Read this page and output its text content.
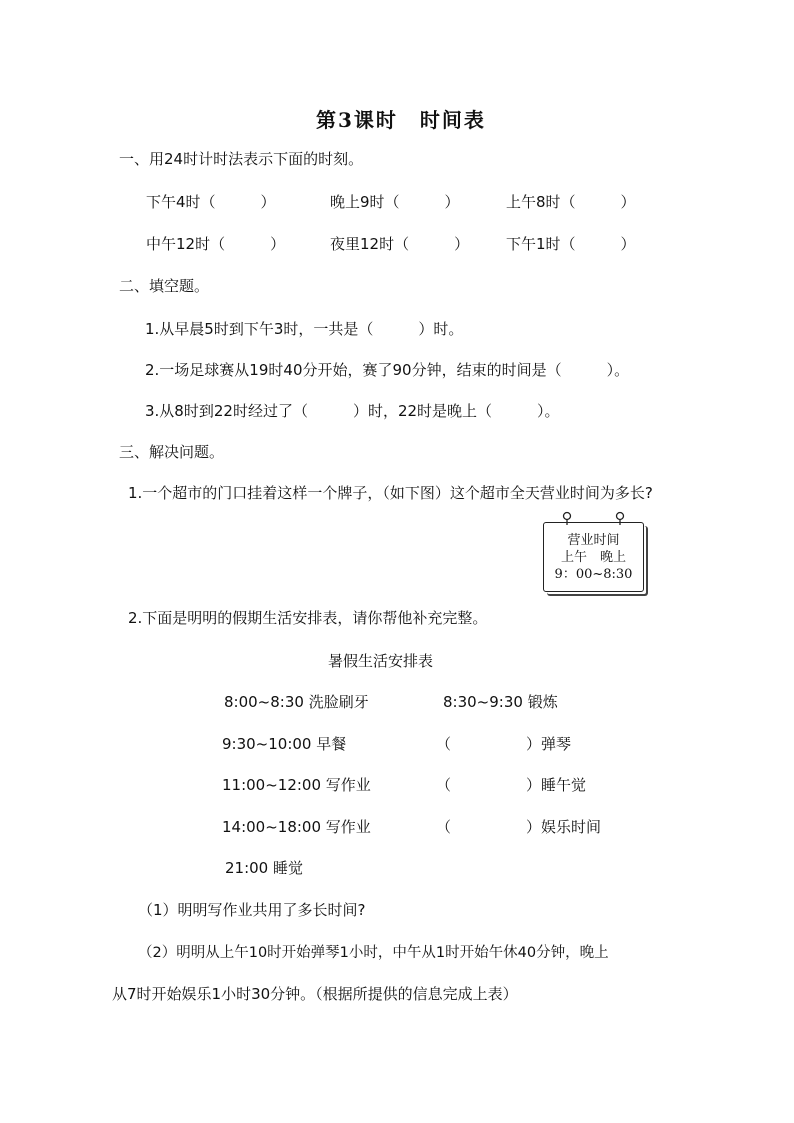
第3课时　时间表
一、用24时计时法表示下面的时刻。
下午4时（　　　）	晚上9时（　　　）	上午8时（　　　）
中午12时（　　　）	夜里12时（　　　） 下午1时（　　　）
二、填空题。
1.从早晨5时到下午3时，一共是（　　　）时。
2.一场足球赛从19时40分开始，赛了90分钟，结束的时间是（　　　）。
3.从8时到22时经过了（　　　）时，22时是晚上（　　　）。
三、解决问题。
1.一个超市的门口挂着这样一个牌子，（如下图）这个超市全天营业时间为多长?
营业时间
上午　晚上
9：00~8:30
2.下面是明明的假期生活安排表，请你帮他补充完整。
暑假生活安排表
8:00~8:30 洗脸刷牙	8:30~9:30 锻炼
9:30~10:00 早餐	（　　　　　）弹琴
11:00~12:00 写作业	（　　　　　）睡午觉
14:00~18:00 写作业	（　　　　　）娱乐时间
21:00 睡觉
（1）明明写作业共用了多长时间?
（2）明明从上午10时开始弹琴1小时，中午从1时开始午休40分钟，晚上
从7时开始娱乐1小时30分钟。（根据所提供的信息完成上表）
